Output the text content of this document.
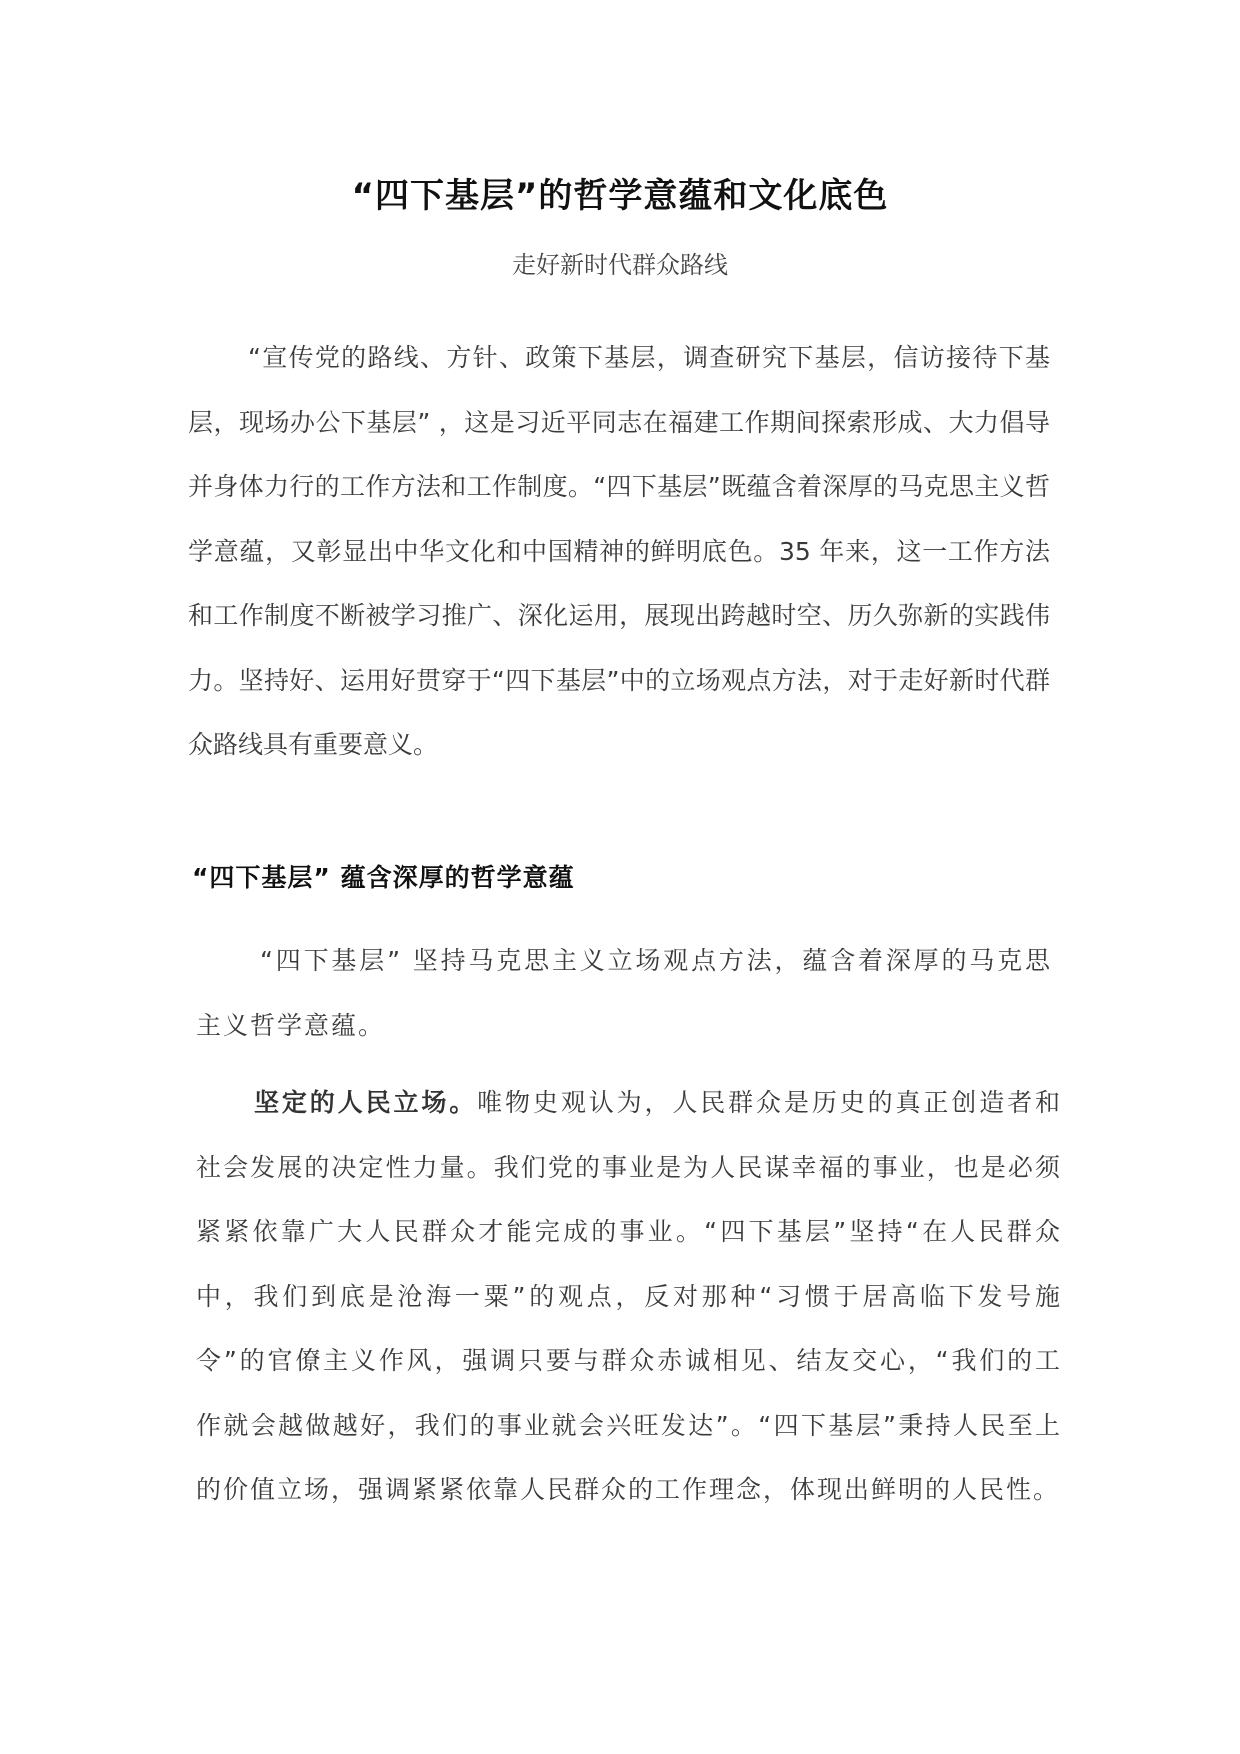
“四下基层”的哲学意蕴和文化底色

走好新时代群众路线

“宣传党的路线、方针、政策下基层，调查研究下基层，信访接待下基层，现场办公下基层” ，这是习近平同志在福建工作期间探索形成、大力倡导并身体力行的工作方法和工作制度。“四下基层”既蕴含着深厚的马克思主义哲学意蕴，又彰显出中华文化和中国精神的鲜明底色。35 年来，这一工作方法和工作制度不断被学习推广、深化运用，展现出跨越时空、历久弥新的实践伟力。坚持好、运用好贯穿于“四下基层”中的立场观点方法，对于走好新时代群众路线具有重要意义。

“四下基层” 蕴含深厚的哲学意蕴

“四下基层” 坚持马克思主义立场观点方法，蕴含着深厚的马克思主义哲学意蕴。

坚定的人民立场。唯物史观认为，人民群众是历史的真正创造者和社会发展的决定性力量。我们党的事业是为人民谋幸福的事业，也是必须紧紧依靠广大人民群众才能完成的事业。“四下基层”坚持“在人民群众中，我们到底是沧海一粟”的观点，反对那种“习惯于居高临下发号施令”的官僚主义作风，强调只要与群众赤诚相见、结友交心，“我们的工作就会越做越好，我们的事业就会兴旺发达”。“四下基层”秉持人民至上的价值立场，强调紧紧依靠人民群众的工作理念，体现出鲜明的人民性。
